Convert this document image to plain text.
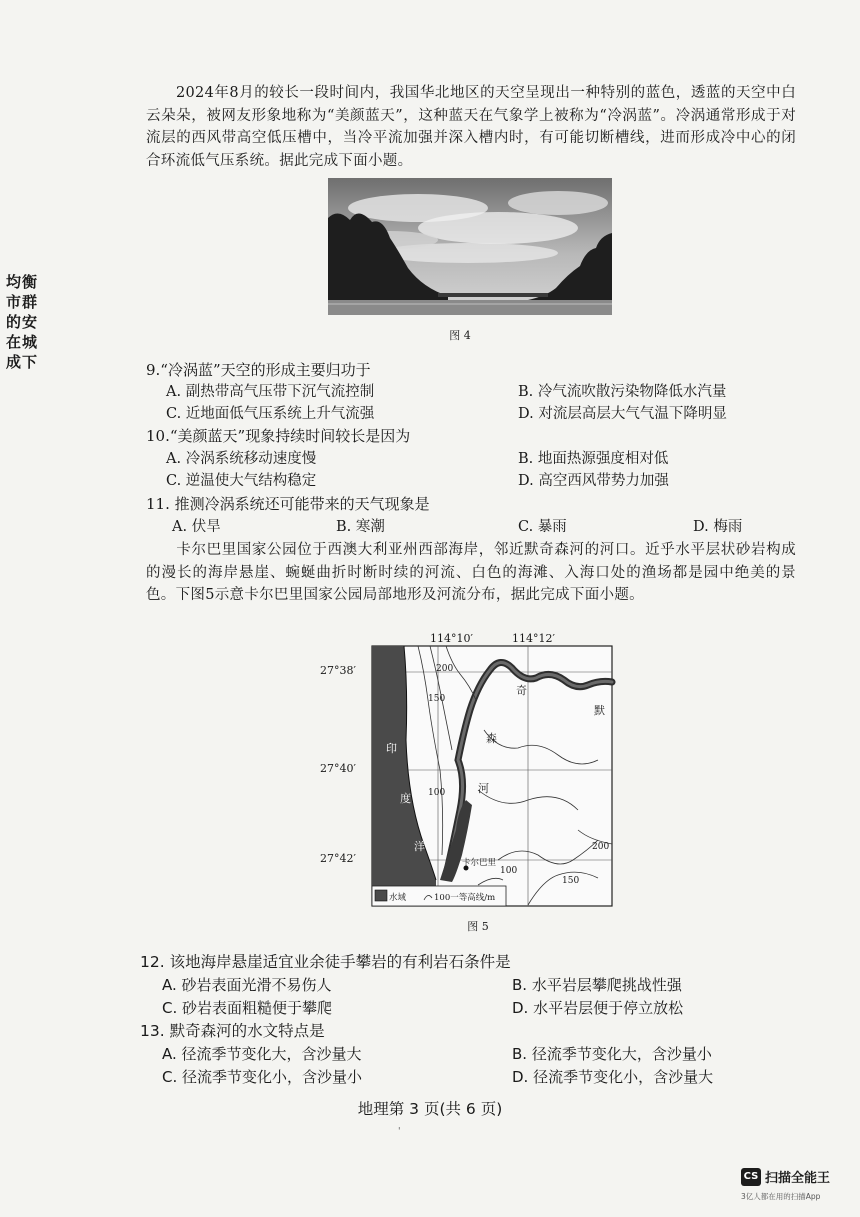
2024年8月的较长一段时间内，我国华北地区的天空呈现出一种特别的蓝色，透蓝的天空中白云朵朵，被网友形象地称为“美颜蓝天”，这种蓝天在气象学上被称为“冷涡蓝”。冷涡通常形成于对流层的西风带高空低压槽中，当冷平流加强并深入槽内时，有可能切断槽线，进而形成冷中心的闭合环流低气压系统。据此完成下面小题。
均衡
市群
的安
在城
成下
图 4
9.“冷涡蓝”天空的形成主要归功于
A. 副热带高气压带下沉气流控制	B. 冷气流吹散污染物降低水汽量
C. 近地面低气压系统上升气流强	D. 对流层高层大气气温下降明显
10.“美颜蓝天”现象持续时间较长是因为
A. 冷涡系统移动速度慢	B. 地面热源强度相对低
C. 逆温使大气结构稳定	D. 高空西风带势力加强
11. 推测冷涡系统还可能带来的天气现象是
A. 伏旱	B. 寒潮	C. 暴雨	D. 梅雨
卡尔巴里国家公园位于西澳大利亚州西部海岸，邻近默奇森河的河口。近乎水平层状砂岩构成的漫长的海岸悬崖、蜿蜒曲折时断时续的河流、白色的海滩、入海口处的渔场都是园中绝美的景色。下图5示意卡尔巴里国家公园局部地形及河流分布，据此完成下面小题。
114°10′	114°12′
27°38′
27°40′
27°42′
印
度
洋
默
奇
森
河
卡尔巴里
200
150
100
200
150
100
水域	100一等高线/m
图 5
12. 该地海岸悬崖适宜业余徒手攀岩的有利岩石条件是
A. 砂岩表面光滑不易伤人	B. 水平岩层攀爬挑战性强
C. 砂岩表面粗糙便于攀爬	D. 水平岩层便于停立放松
13. 默奇森河的水文特点是
A. 径流季节变化大，含沙量大	B. 径流季节变化大，含沙量小
C. 径流季节变化小，含沙量小	D. 径流季节变化小，含沙量大
地理第 3 页(共 6 页)
'
CS 扫描全能王
3亿人都在用的扫描App
